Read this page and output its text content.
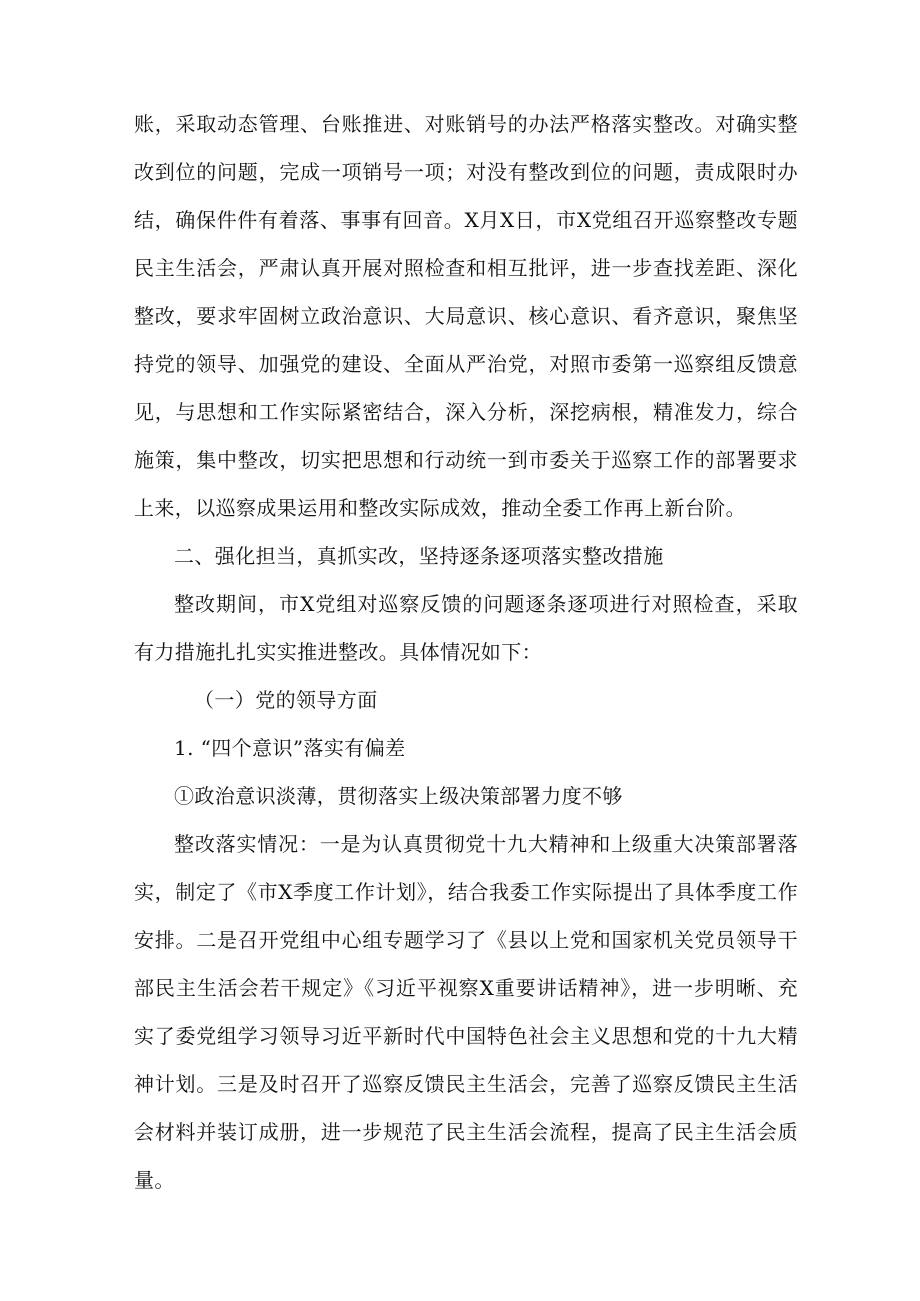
账，采取动态管理、台账推进、对账销号的办法严格落实整改。对确实整改到位的问题，完成一项销号一项；对没有整改到位的问题，责成限时办结，确保件件有着落、事事有回音。X月X日，市X党组召开巡察整改专题民主生活会，严肃认真开展对照检查和相互批评，进一步查找差距、深化整改，要求牢固树立政治意识、大局意识、核心意识、看齐意识，聚焦坚持党的领导、加强党的建设、全面从严治党，对照市委第一巡察组反馈意见，与思想和工作实际紧密结合，深入分析，深挖病根，精准发力，综合施策，集中整改，切实把思想和行动统一到市委关于巡察工作的部署要求上来，以巡察成果运用和整改实际成效，推动全委工作再上新台阶。

二、强化担当，真抓实改，坚持逐条逐项落实整改措施

整改期间，市X党组对巡察反馈的问题逐条逐项进行对照检查，采取有力措施扎扎实实推进整改。具体情况如下：

（一）党的领导方面

1. “四个意识”落实有偏差

①政治意识淡薄，贯彻落实上级决策部署力度不够

整改落实情况：一是为认真贯彻党十九大精神和上级重大决策部署落实，制定了《市X季度工作计划》，结合我委工作实际提出了具体季度工作安排。二是召开党组中心组专题学习了《县以上党和国家机关党员领导干部民主生活会若干规定》《习近平视察X重要讲话精神》，进一步明晰、充实了委党组学习领导习近平新时代中国特色社会主义思想和党的十九大精神计划。三是及时召开了巡察反馈民主生活会，完善了巡察反馈民主生活会材料并装订成册，进一步规范了民主生活会流程，提高了民主生活会质量。
